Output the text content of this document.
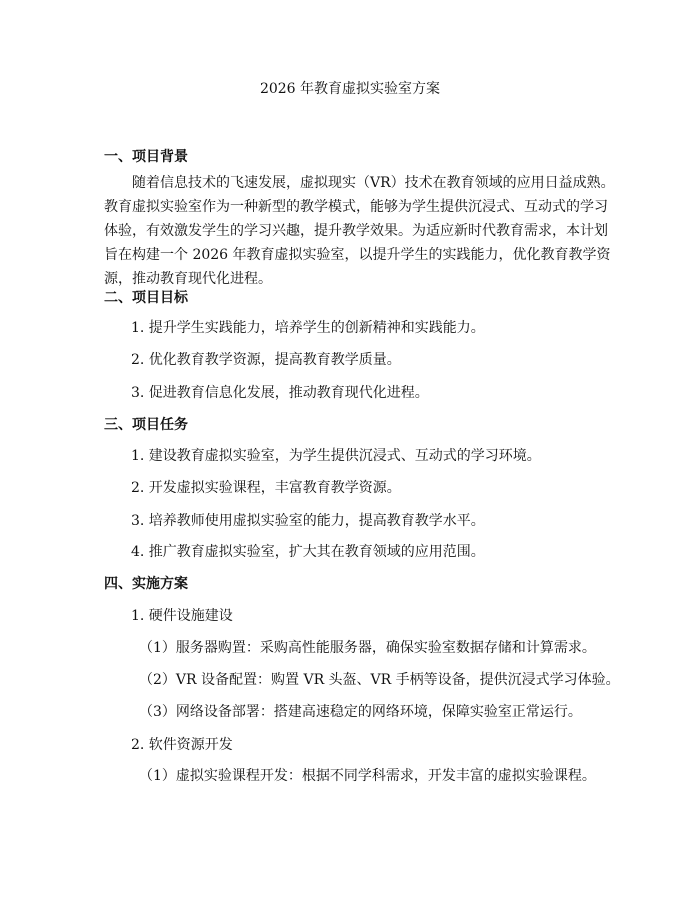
2026 年教育虚拟实验室方案
一、项目背景
随着信息技术的飞速发展，虚拟现实（VR）技术在教育领域的应用日益成熟。
教育虚拟实验室作为一种新型的教学模式，能够为学生提供沉浸式、互动式的学习
体验，有效激发学生的学习兴趣，提升教学效果。为适应新时代教育需求，本计划
旨在构建一个 2026 年教育虚拟实验室，以提升学生的实践能力，优化教育教学资
源，推动教育现代化进程。
二、项目目标
1. 提升学生实践能力，培养学生的创新精神和实践能力。
2. 优化教育教学资源，提高教育教学质量。
3. 促进教育信息化发展，推动教育现代化进程。
三、项目任务
1. 建设教育虚拟实验室，为学生提供沉浸式、互动式的学习环境。
2. 开发虚拟实验课程，丰富教育教学资源。
3. 培养教师使用虚拟实验室的能力，提高教育教学水平。
4. 推广教育虚拟实验室，扩大其在教育领域的应用范围。
四、实施方案
1. 硬件设施建设
（1）服务器购置：采购高性能服务器，确保实验室数据存储和计算需求。
（2）VR 设备配置：购置 VR 头盔、VR 手柄等设备，提供沉浸式学习体验。
（3）网络设备部署：搭建高速稳定的网络环境，保障实验室正常运行。
2. 软件资源开发
（1）虚拟实验课程开发：根据不同学科需求，开发丰富的虚拟实验课程。
